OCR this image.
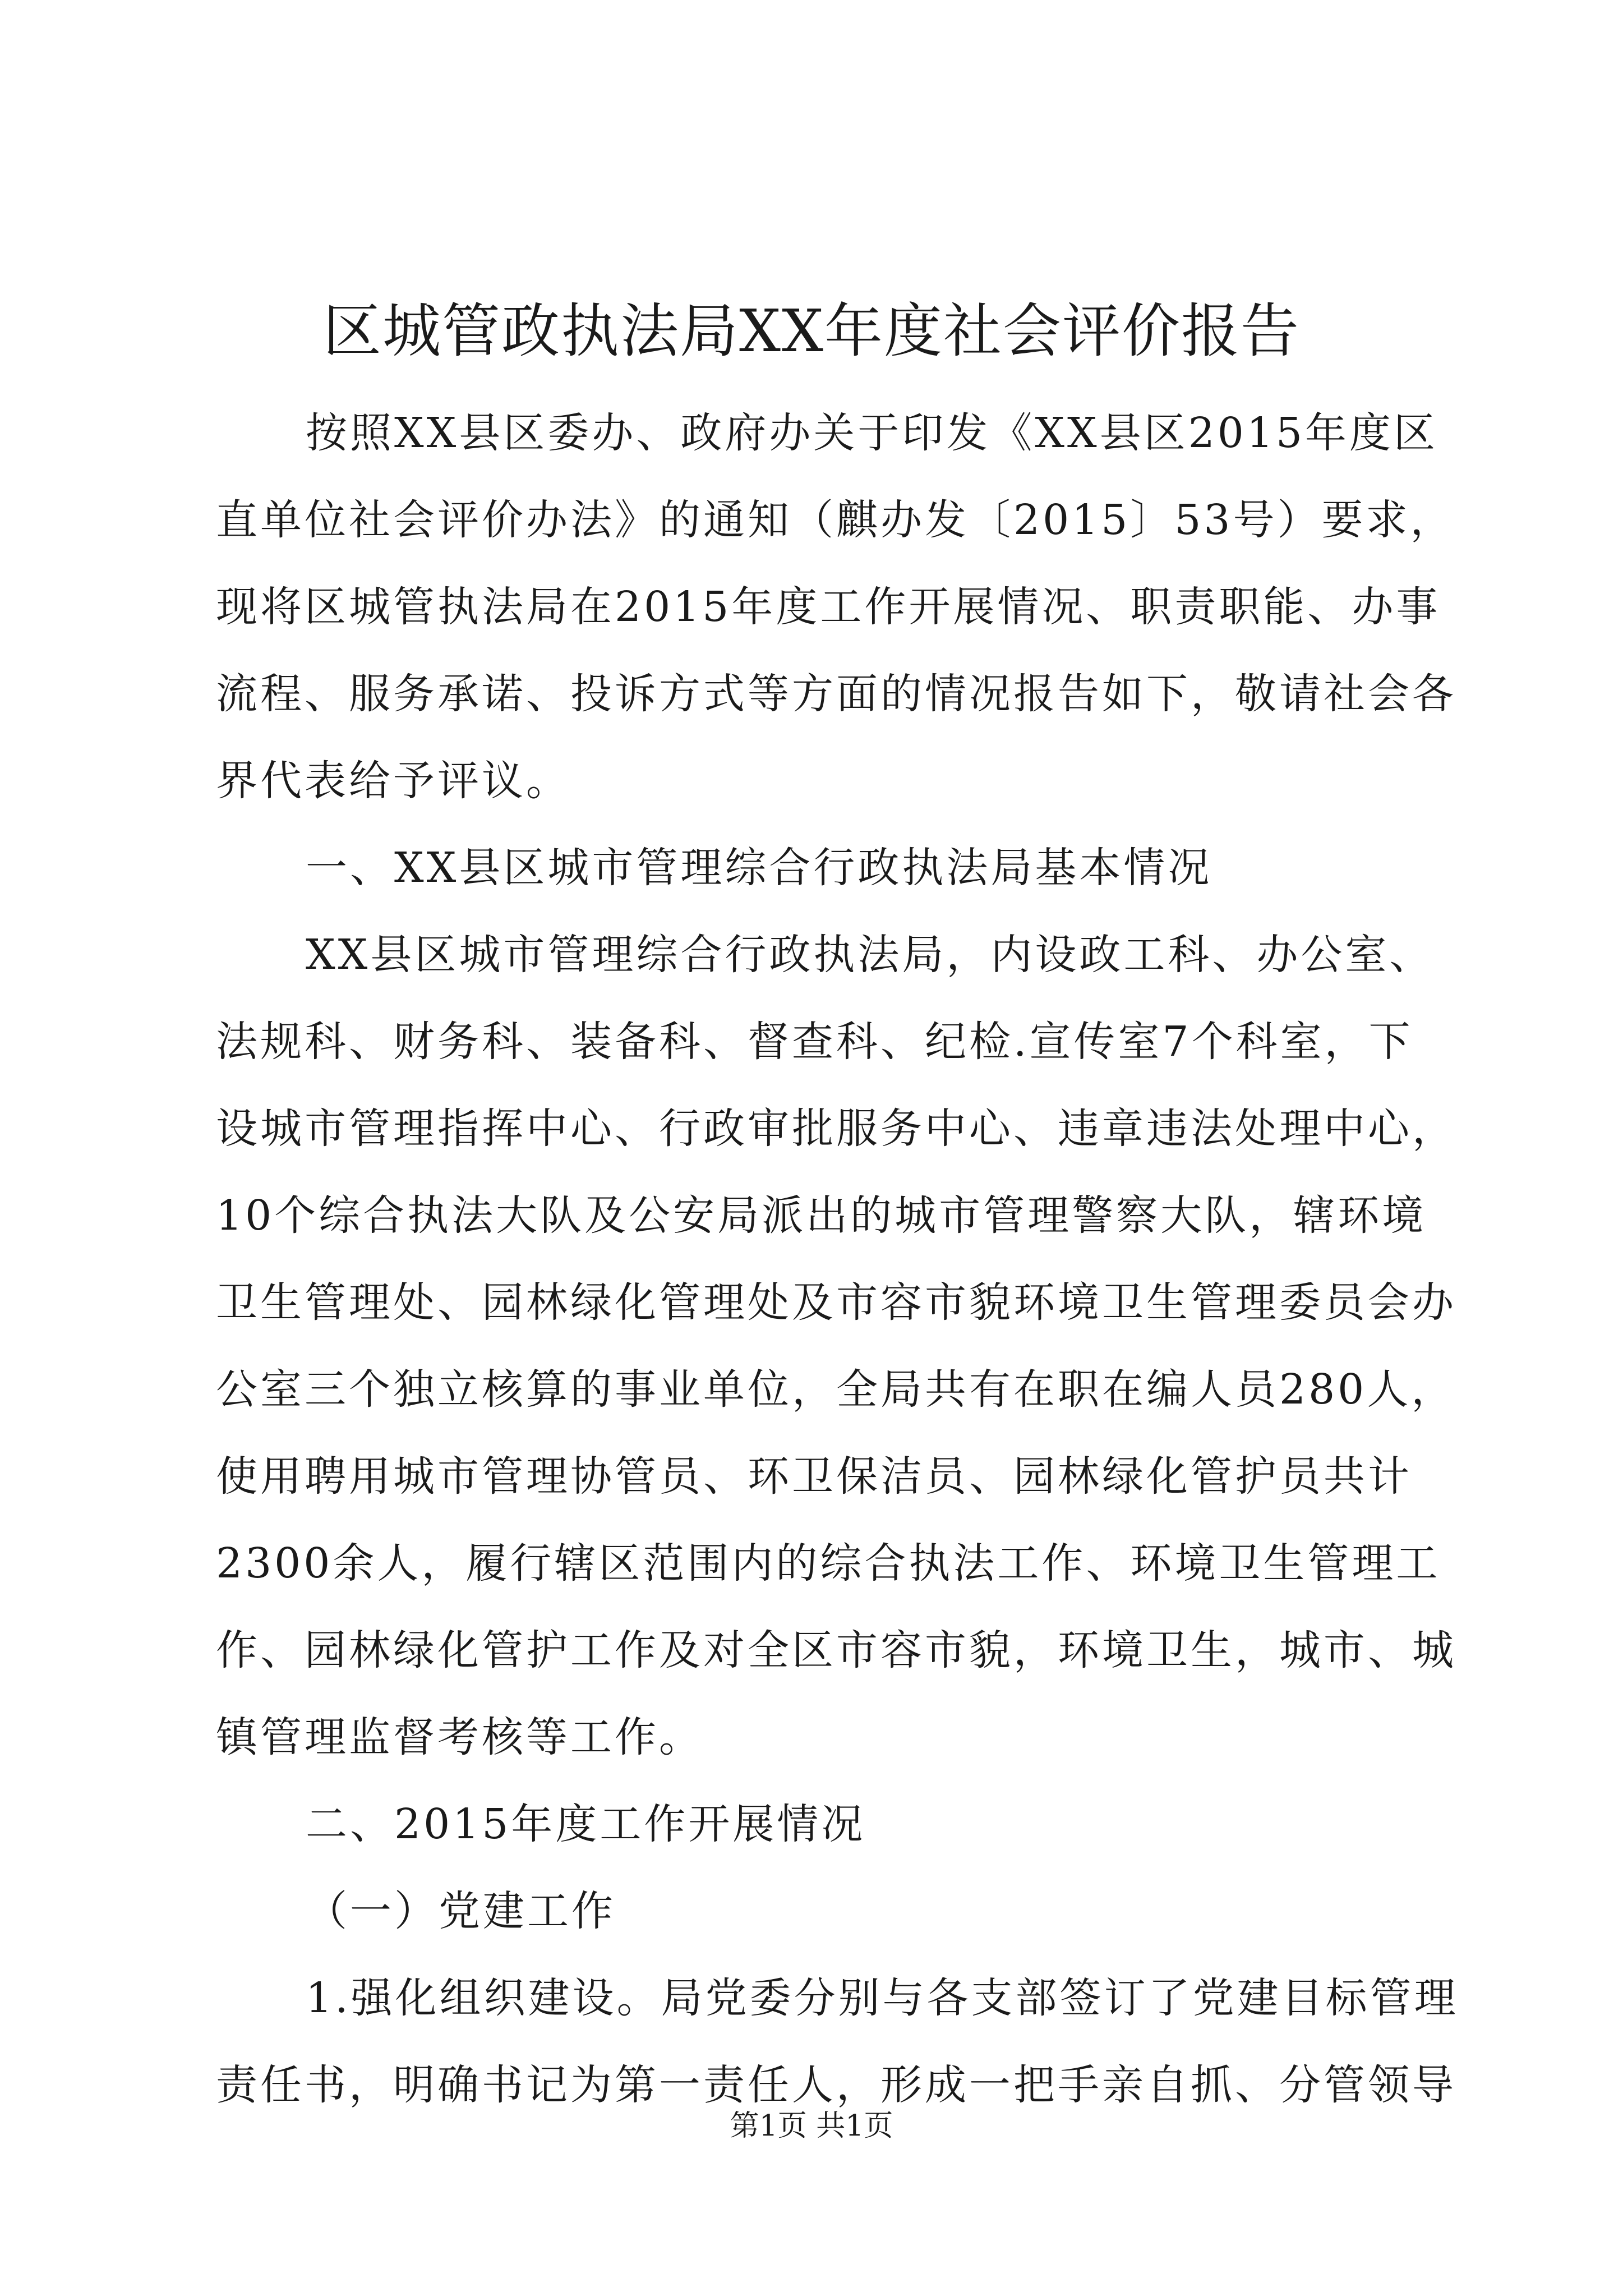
区城管政执法局XX年度社会评价报告
按照XX县区委办、政府办关于印发《XX县区2015年度区
直单位社会评价办法》的通知（麒办发〔2015〕53号）要求，
现将区城管执法局在2015年度工作开展情况、职责职能、办事
流程、服务承诺、投诉方式等方面的情况报告如下，敬请社会各
界代表给予评议。
一、XX县区城市管理综合行政执法局基本情况
XX县区城市管理综合行政执法局，内设政工科、办公室、
法规科、财务科、装备科、督查科、纪检.宣传室7个科室，下
设城市管理指挥中心、行政审批服务中心、违章违法处理中心，
10个综合执法大队及公安局派出的城市管理警察大队，辖环境
卫生管理处、园林绿化管理处及市容市貌环境卫生管理委员会办
公室三个独立核算的事业单位，全局共有在职在编人员280人，
使用聘用城市管理协管员、环卫保洁员、园林绿化管护员共计
2300余人，履行辖区范围内的综合执法工作、环境卫生管理工
作、园林绿化管护工作及对全区市容市貌，环境卫生，城市、城
镇管理监督考核等工作。
二、2015年度工作开展情况
（一）党建工作
1.强化组织建设。局党委分别与各支部签订了党建目标管理
责任书，明确书记为第一责任人，形成一把手亲自抓、分管领导
第1页 共1页
